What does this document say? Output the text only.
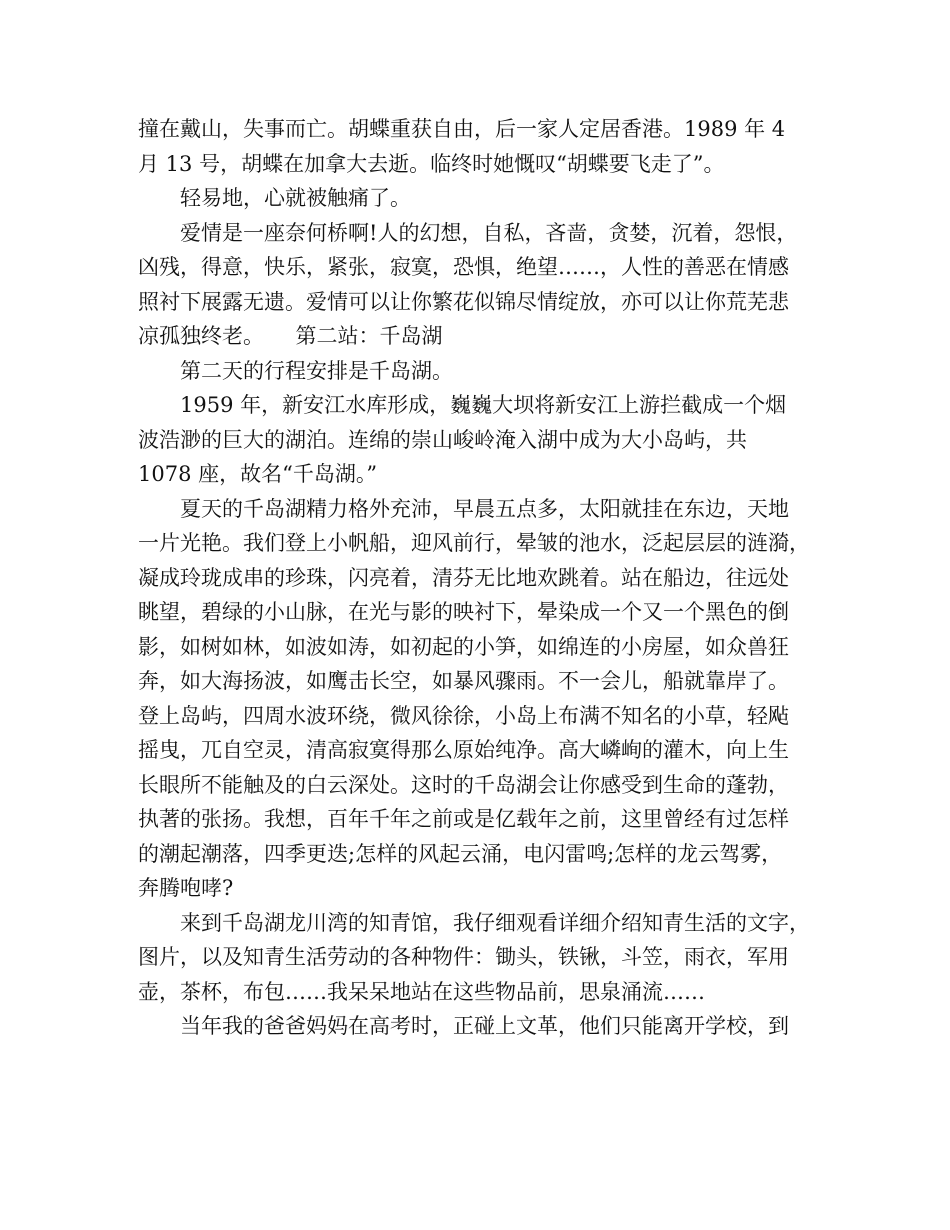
撞在戴山，失事而亡。胡蝶重获自由，后一家人定居香港。1989 年 4
月 13 号，胡蝶在加拿大去逝。临终时她慨叹“胡蝶要飞走了”。
轻易地，心就被触痛了。
爱情是一座奈何桥啊!人的幻想，自私，吝啬，贪婪，沉着，怨恨，
凶残，得意，快乐，紧张，寂寞，恐惧，绝望……，人性的善恶在情感
照衬下展露无遗。爱情可以让你繁花似锦尽情绽放，亦可以让你荒芜悲
凉孤独终老。　　第二站：千岛湖
第二天的行程安排是千岛湖。
1959 年，新安江水库形成，巍巍大坝将新安江上游拦截成一个烟
波浩渺的巨大的湖泊。连绵的崇山峻岭淹入湖中成为大小岛屿，共
1078 座，故名“千岛湖。”
夏天的千岛湖精力格外充沛，早晨五点多，太阳就挂在东边，天地
一片光艳。我们登上小帆船，迎风前行，晕皱的池水，泛起层层的涟漪，
凝成玲珑成串的珍珠，闪亮着，清芬无比地欢跳着。站在船边，往远处
眺望，碧绿的小山脉，在光与影的映衬下，晕染成一个又一个黑色的倒
影，如树如林，如波如涛，如初起的小笋，如绵连的小房屋，如众兽狂
奔，如大海扬波，如鹰击长空，如暴风骤雨。不一会儿，船就靠岸了。
登上岛屿，四周水波环绕，微风徐徐，小岛上布满不知名的小草，轻飐
摇曳，兀自空灵，清高寂寞得那么原始纯净。高大嶙峋的灌木，向上生
长眼所不能触及的白云深处。这时的千岛湖会让你感受到生命的蓬勃，
执著的张扬。我想，百年千年之前或是亿载年之前，这里曾经有过怎样
的潮起潮落，四季更迭;怎样的风起云涌，电闪雷鸣;怎样的龙云驾雾，
奔腾咆哮?
来到千岛湖龙川湾的知青馆，我仔细观看详细介绍知青生活的文字，
图片，以及知青生活劳动的各种物件：锄头，铁锹，斗笠，雨衣，军用
壶，茶杯，布包……我呆呆地站在这些物品前，思泉涌流……
当年我的爸爸妈妈在高考时，正碰上文革，他们只能离开学校，到
